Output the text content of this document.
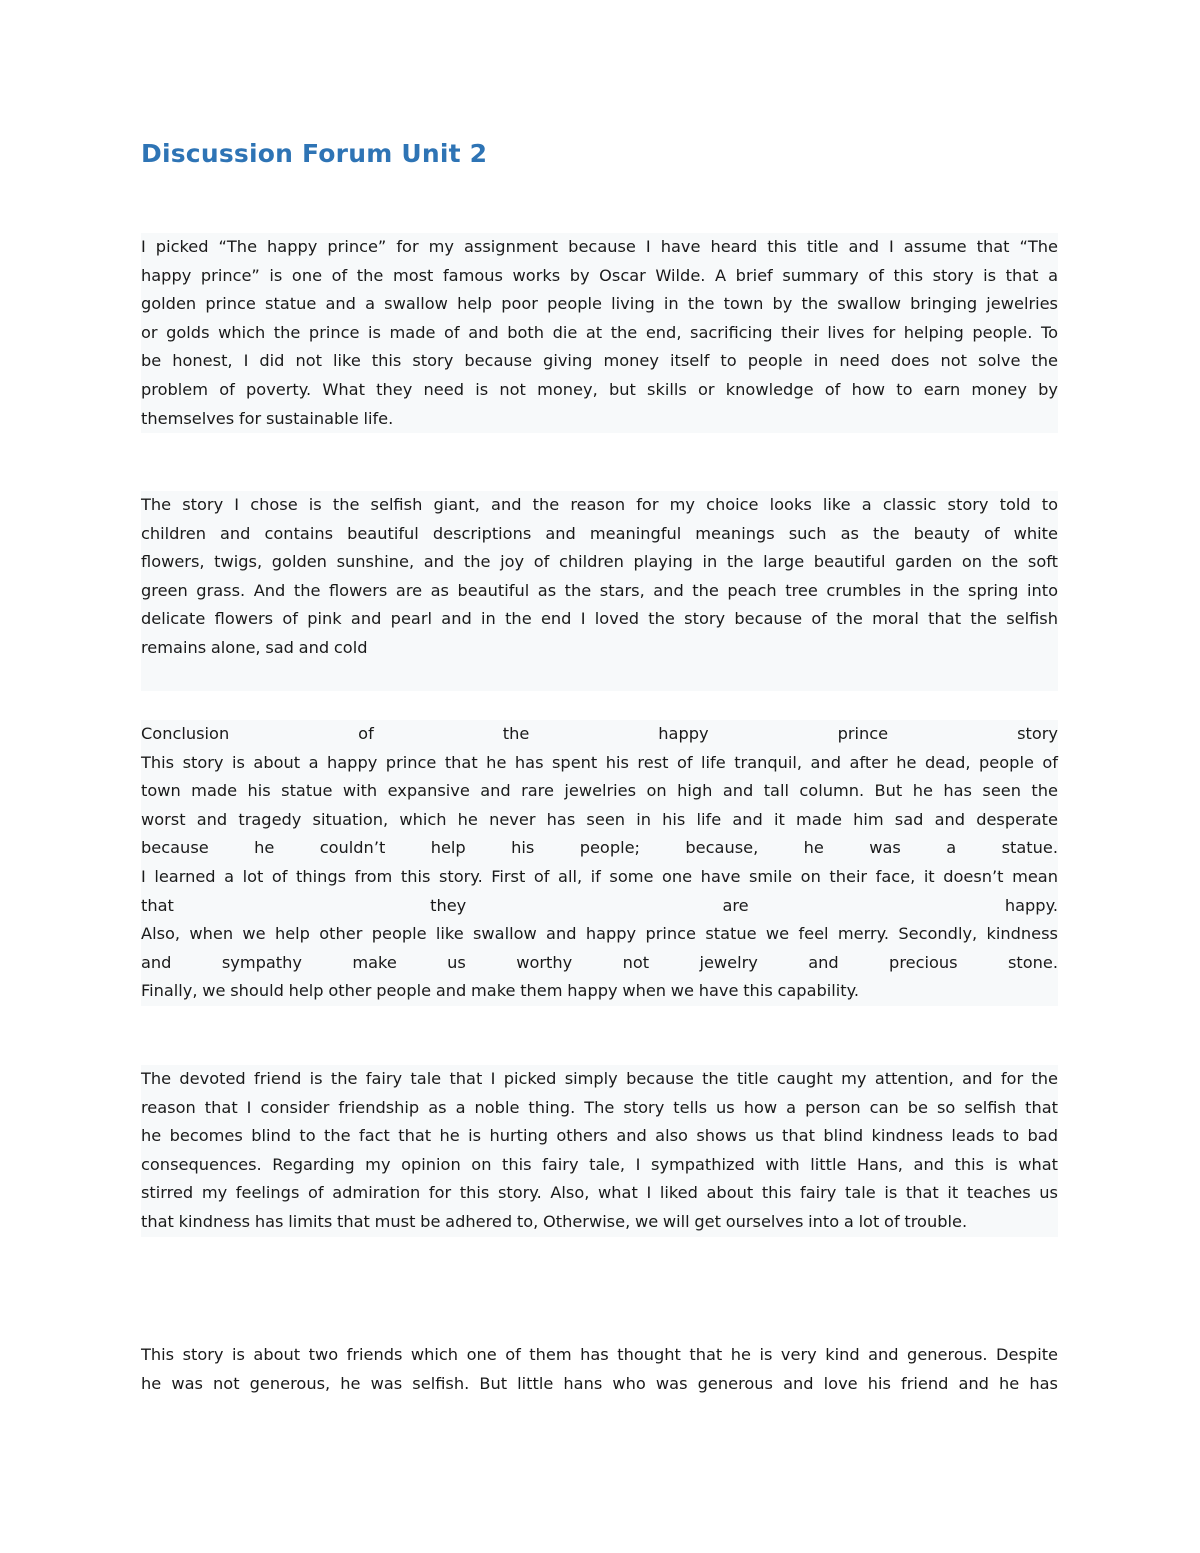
Discussion Forum Unit 2
I picked “The happy prince” for my assignment because I have heard this title and I assume that “The
happy prince” is one of the most famous works by Oscar Wilde. A brief summary of this story is that a
golden prince statue and a swallow help poor people living in the town by the swallow bringing jewelries
or golds which the prince is made of and both die at the end, sacrificing their lives for helping people. To
be honest, I did not like this story because giving money itself to people in need does not solve the
problem of poverty. What they need is not money, but skills or knowledge of how to earn money by
themselves for sustainable life.
The story I chose is the selfish giant, and the reason for my choice looks like a classic story told to
children and contains beautiful descriptions and meaningful meanings such as the beauty of white
flowers, twigs, golden sunshine, and the joy of children playing in the large beautiful garden on the soft
green grass. And the flowers are as beautiful as the stars, and the peach tree crumbles in the spring into
delicate flowers of pink and pearl and in the end I loved the story because of the moral that the selfish
remains alone, sad and cold

Conclusion of the happy prince story
This story is about a happy prince that he has spent his rest of life tranquil, and after he dead, people of
town made his statue with expansive and rare jewelries on high and tall column. But he has seen the
worst and tragedy situation, which he never has seen in his life and it made him sad and desperate
because he couldn’t help his people; because, he was a statue.
I learned a lot of things from this story. First of all, if some one have smile on their face, it doesn’t mean
that they are happy.
Also, when we help other people like swallow and happy prince statue we feel merry. Secondly, kindness
and sympathy make us worthy not jewelry and precious stone.
Finally, we should help other people and make them happy when we have this capability.
The devoted friend is the fairy tale that I picked simply because the title caught my attention, and for the
reason that I consider friendship as a noble thing. The story tells us how a person can be so selfish that
he becomes blind to the fact that he is hurting others and also shows us that blind kindness leads to bad
consequences. Regarding my opinion on this fairy tale, I sympathized with little Hans, and this is what
stirred my feelings of admiration for this story. Also, what I liked about this fairy tale is that it teaches us
that kindness has limits that must be adhered to, Otherwise, we will get ourselves into a lot of trouble.
This story is about two friends which one of them has thought that he is very kind and generous. Despite
he was not generous, he was selfish. But little hans who was generous and love his friend and he has
